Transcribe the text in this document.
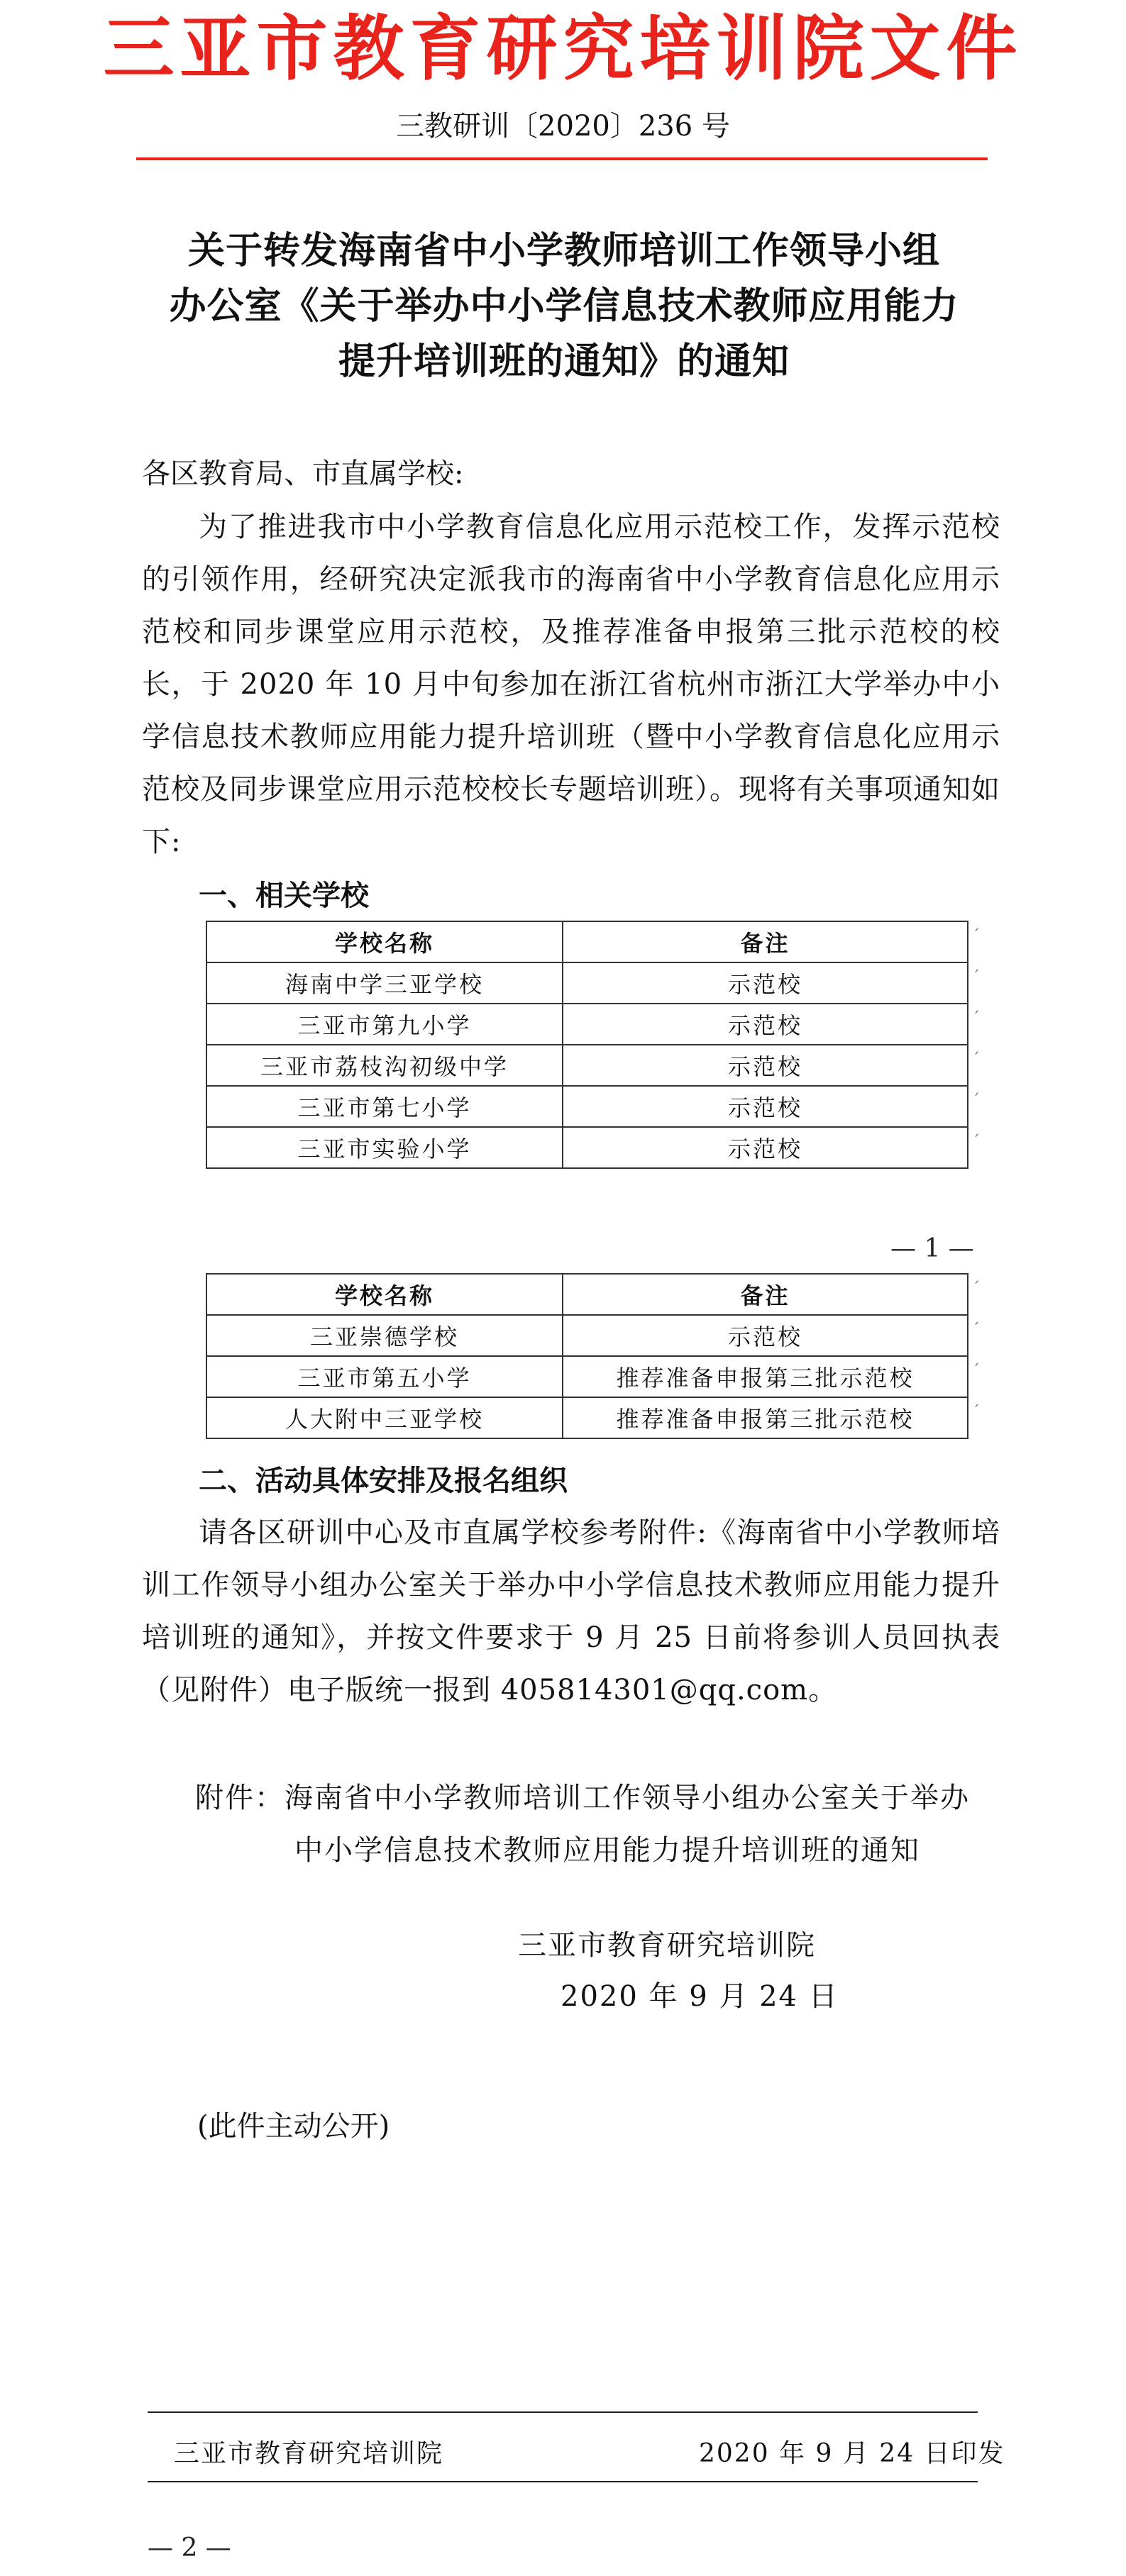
三亚市教育研究培训院文件
三教研训〔2020〕236 号
关于转发海南省中小学教师培训工作领导小组
办公室《关于举办中小学信息技术教师应用能力
提升培训班的通知》的通知
各区教育局、市直属学校:
为了推进我市中小学教育信息化应用示范校工作，发挥示范校的引领作用，经研究决定派我市的海南省中小学教育信息化应用示范校和同步课堂应用示范校，及推荐准备申报第三批示范校的校长，于 2020 年 10 月中旬参加在浙江省杭州市浙江大学举办中小学信息技术教师应用能力提升培训班（暨中小学教育信息化应用示范校及同步课堂应用示范校校长专题培训班）。现将有关事项通知如下:
一、相关学校
学校名称	备注
海南中学三亚学校	示范校
三亚市第九小学	示范校
三亚市荔枝沟初级中学	示范校
三亚市第七小学	示范校
三亚市实验小学	示范校
ˊ
ˊ
ˊ
ˊ
ˊ
ˊ
— 1 —
学校名称	备注
三亚崇德学校	示范校
三亚市第五小学	推荐准备申报第三批示范校
人大附中三亚学校	推荐准备申报第三批示范校
ˊ
ˊ
ˊ
ˊ
二、活动具体安排及报名组织
请各区研训中心及市直属学校参考附件:《海南省中小学教师培训工作领导小组办公室关于举办中小学信息技术教师应用能力提升培训班的通知》，并按文件要求于 9 月 25 日前将参训人员回执表（见附件）电子版统一报到 405814301@qq.com。
附件：海南省中小学教师培训工作领导小组办公室关于举办
中小学信息技术教师应用能力提升培训班的通知
三亚市教育研究培训院
2020 年 9 月 24 日
(此件主动公开)
三亚市教育研究培训院	2020 年 9 月 24 日印发
— 2 —
